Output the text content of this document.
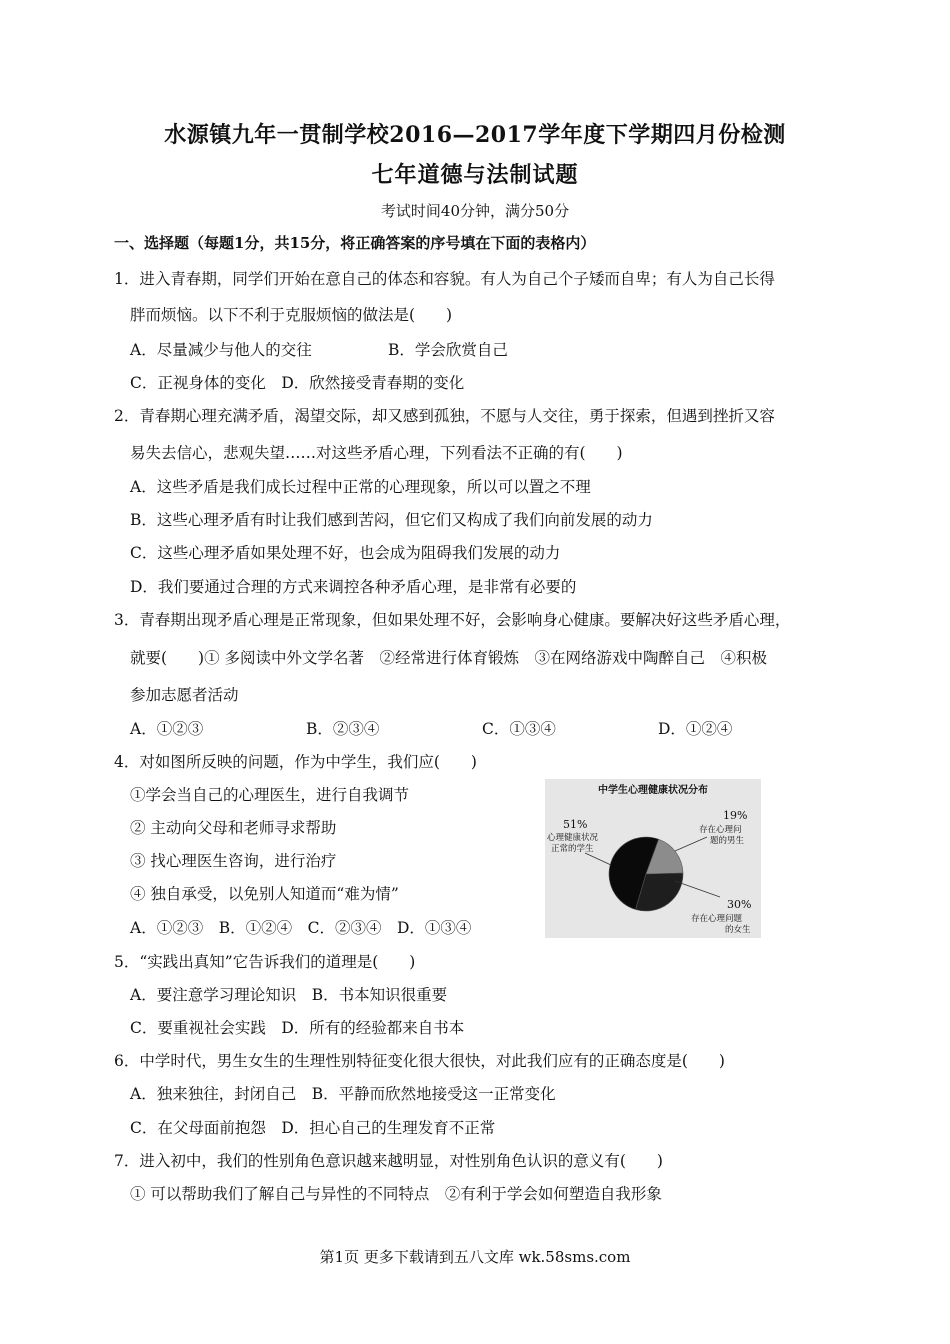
水源镇九年一贯制学校2016—2017学年度下学期四月份检测
七年道德与法制试题
考试时间40分钟，满分50分
一、选择题（每题1分，共15分，将正确答案的序号填在下面的表格内）
1．进入青春期，同学们开始在意自己的体态和容貌。有人为自己个子矮而自卑；有人为自己长得
胖而烦恼。以下不利于克服烦恼的做法是(　　)
A．尽量减少与他人的交往	B．学会欣赏自己
C．正视身体的变化　D．欣然接受青春期的变化
2．青春期心理充满矛盾，渴望交际，却又感到孤独，不愿与人交往，勇于探索，但遇到挫折又容
易失去信心，悲观失望……对这些矛盾心理，下列看法不正确的有(　　)
A．这些矛盾是我们成长过程中正常的心理现象，所以可以置之不理
B．这些心理矛盾有时让我们感到苦闷，但它们又构成了我们向前发展的动力
C．这些心理矛盾如果处理不好，也会成为阻碍我们发展的动力
D．我们要通过合理的方式来调控各种矛盾心理，是非常有必要的
3．青春期出现矛盾心理是正常现象，但如果处理不好，会影响身心健康。要解决好这些矛盾心理，
就要(　　)① 多阅读中外文学名著　②经常进行体育锻炼　③在网络游戏中陶醉自己　④积极
参加志愿者活动
A．①②③	B．②③④	C．①③④	D．①②④
4．对如图所反映的问题，作为中学生，我们应(　　)
①学会当自己的心理医生，进行自我调节
② 主动向父母和老师寻求帮助
③ 找心理医生咨询，进行治疗
④ 独自承受，以免别人知道而“难为情”
A．①②③　B．①②④　C．②③④　D．①③④
中学生心理健康状况分布
51%
心理健康状况
正常的学生
19%
存在心理问
题的男生
30%
存在心理问题
的女生
5．“实践出真知”它告诉我们的道理是(　　)
A．要注意学习理论知识　B．书本知识很重要
C．要重视社会实践　D．所有的经验都来自书本
6．中学时代，男生女生的生理性别特征变化很大很快，对此我们应有的正确态度是(　　)
A．独来独往，封闭自己　B．平静而欣然地接受这一正常变化
C．在父母面前抱怨　D．担心自己的生理发育不正常
7．进入初中，我们的性别角色意识越来越明显，对性别角色认识的意义有(　　)
① 可以帮助我们了解自己与异性的不同特点　②有利于学会如何塑造自我形象
第1页 更多下载请到五八文库 wk.58sms.com
